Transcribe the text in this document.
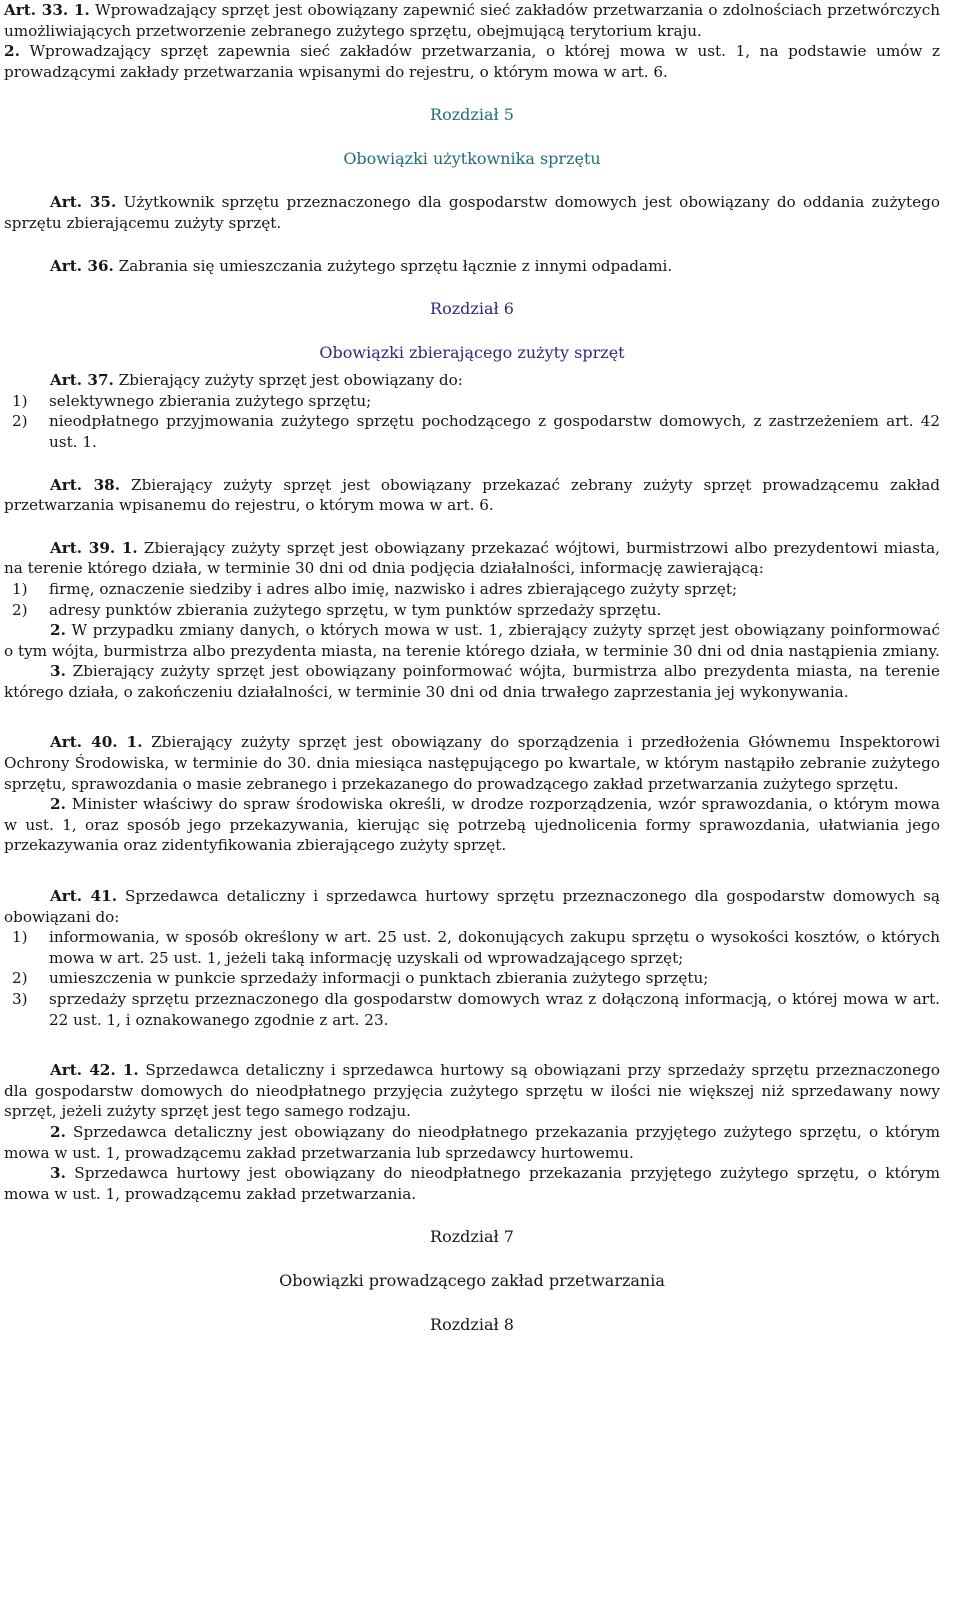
Art. 33. 1. Wprowadzający sprzęt jest obowiązany zapewnić sieć zakładów przetwarzania o zdolnościach przetwórczych umożliwiających przetworzenie zebranego zużytego sprzętu, obejmującą terytorium kraju.

2. Wprowadzający sprzęt zapewnia sieć zakładów przetwarzania, o której mowa w ust. 1, na podstawie umów z prowadzącymi zakłady przetwarzania wpisanymi do rejestru, o którym mowa w art. 6.

Rozdział 5
Obowiązki użytkownika sprzętu

Art. 35. Użytkownik sprzętu przeznaczonego dla gospodarstw domowych jest obowiązany do oddania zużytego sprzętu zbierającemu zużyty sprzęt.

Art. 36. Zabrania się umieszczania zużytego sprzętu łącznie z innymi odpadami.

Rozdział 6
Obowiązki zbierającego zużyty sprzęt

Art. 37. Zbierający zużyty sprzęt jest obowiązany do:

1) selektywnego zbierania zużytego sprzętu;
2) nieodpłatnego przyjmowania zużytego sprzętu pochodzącego z gospodarstw domowych, z zastrzeżeniem art. 42 ust. 1.

Art. 38. Zbierający zużyty sprzęt jest obowiązany przekazać zebrany zużyty sprzęt prowadzącemu zakład przetwarzania wpisanemu do rejestru, o którym mowa w art. 6.

Art. 39. 1. Zbierający zużyty sprzęt jest obowiązany przekazać wójtowi, burmistrzowi albo prezydentowi miasta, na terenie którego działa, w terminie 30 dni od dnia podjęcia działalności, informację zawierającą:

1) firmę, oznaczenie siedziby i adres albo imię, nazwisko i adres zbierającego zużyty sprzęt;
2) adresy punktów zbierania zużytego sprzętu, w tym punktów sprzedaży sprzętu.

2. W przypadku zmiany danych, o których mowa w ust. 1, zbierający zużyty sprzęt jest obowiązany poinformować o tym wójta, burmistrza albo prezydenta miasta, na terenie którego działa, w terminie 30 dni od dnia nastąpienia zmiany.

3. Zbierający zużyty sprzęt jest obowiązany poinformować wójta, burmistrza albo prezydenta miasta, na terenie którego działa, o zakończeniu działalności, w terminie 30 dni od dnia trwałego zaprzestania jej wykonywania.

Art. 40. 1. Zbierający zużyty sprzęt jest obowiązany do sporządzenia i przedłożenia Głównemu Inspektorowi Ochrony Środowiska, w terminie do 30. dnia miesiąca następującego po kwartale, w którym nastąpiło zebranie zużytego sprzętu, sprawozdania o masie zebranego i przekazanego do prowadzącego zakład przetwarzania zużytego sprzętu.

2. Minister właściwy do spraw środowiska określi, w drodze rozporządzenia, wzór sprawozdania, o którym mowa w ust. 1, oraz sposób jego przekazywania, kierując się potrzebą ujednolicenia formy sprawozdania, ułatwiania jego przekazywania oraz zidentyfikowania zbierającego zużyty sprzęt.

Art. 41. Sprzedawca detaliczny i sprzedawca hurtowy sprzętu przeznaczonego dla gospodarstw domowych są obowiązani do:

1) informowania, w sposób określony w art. 25 ust. 2, dokonujących zakupu sprzętu o wysokości kosztów, o których mowa w art. 25 ust. 1, jeżeli taką informację uzyskali od wprowadzającego sprzęt;
2) umieszczenia w punkcie sprzedaży informacji o punktach zbierania zużytego sprzętu;
3) sprzedaży sprzętu przeznaczonego dla gospodarstw domowych wraz z dołączoną informacją, o której mowa w art. 22 ust. 1, i oznakowanego zgodnie z art. 23.

Art. 42. 1. Sprzedawca detaliczny i sprzedawca hurtowy są obowiązani przy sprzedaży sprzętu przeznaczonego dla gospodarstw domowych do nieodpłatnego przyjęcia zużytego sprzętu w ilości nie większej niż sprzedawany nowy sprzęt, jeżeli zużyty sprzęt jest tego samego rodzaju.

2. Sprzedawca detaliczny jest obowiązany do nieodpłatnego przekazania przyjętego zużytego sprzętu, o którym mowa w ust. 1, prowadzącemu zakład przetwarzania lub sprzedawcy hurtowemu.

3. Sprzedawca hurtowy jest obowiązany do nieodpłatnego przekazania przyjętego zużytego sprzętu, o którym mowa w ust. 1, prowadzącemu zakład przetwarzania.

Rozdział 7
Obowiązki prowadzącego zakład przetwarzania
Rozdział 8
